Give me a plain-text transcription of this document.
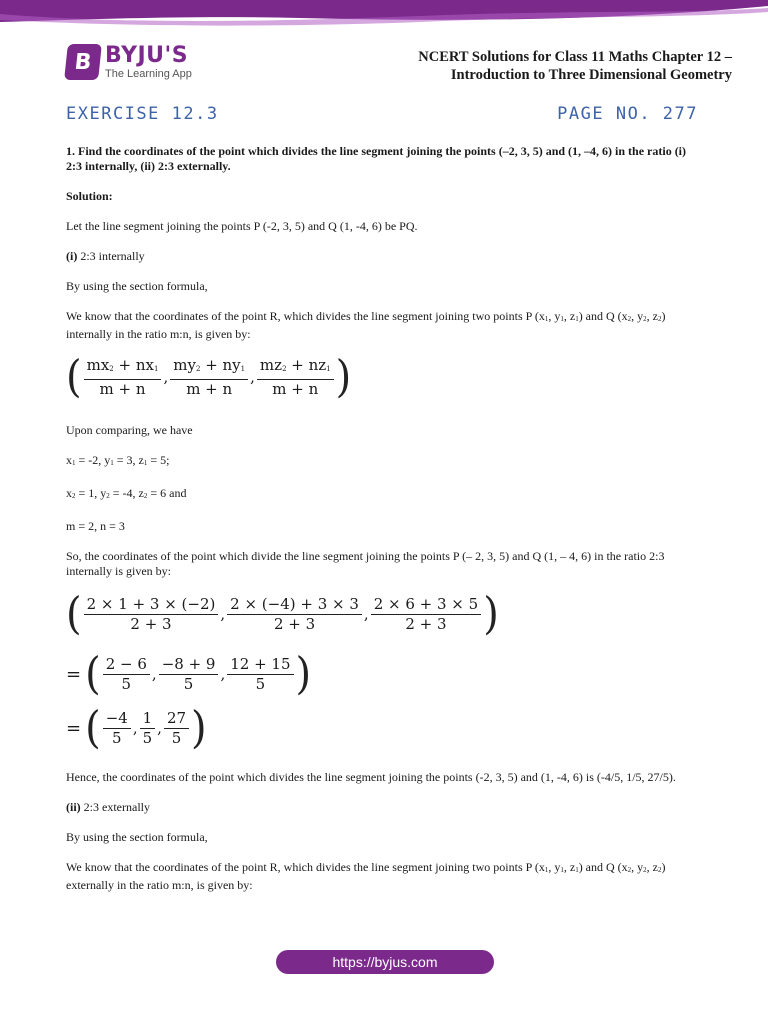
B BYJU'S
The Learning App
NCERT Solutions for Class 11 Maths Chapter 12 –
Introduction to Three Dimensional Geometry
EXERCISE 12.3	PAGE NO. 277

1. Find the coordinates of the point which divides the line segment joining the points (–2, 3, 5) and (1, –4, 6) in the ratio (i) 2:3 internally, (ii) 2:3 externally.

Solution:

Let the line segment joining the points P (-2, 3, 5) and Q (1, -4, 6) be PQ.

(i) 2:3 internally

By using the section formula,

We know that the coordinates of the point R, which divides the line segment joining two points P (x1, y1, z1) and Q (x2, y2, z2) internally in the ratio m:n, is given by:

( $\frac{mx2 + nx1}{m + n}$ , $\frac{my2 + ny1}{m + n}$ , $\frac{mz2 + nz1}{m + n}$ )

Upon comparing, we have

x1 = -2, y1 = 3, z1 = 5;

x2 = 1, y2 = -4, z2 = 6 and

m = 2, n = 3

So, the coordinates of the point which divide the line segment joining the points P (– 2, 3, 5) and Q (1, – 4, 6) in the ratio 2:3 internally is given by:

( $\frac{2 \times 1 + 3 \times (-2)}{2 + 3}$ , $\frac{2 \times (-4) + 3 \times 3}{2 + 3}$ , $\frac{2 \times 6 + 3 \times 5}{2 + 3}$ )
= ( $\frac{2 - 6}{5}$ , $\frac{-8 + 9}{5}$ , $\frac{12 + 15}{5}$ )
= ( $\frac{-4}{5}$ , $\frac{1}{5}$ , $\frac{27}{5}$ )

Hence, the coordinates of the point which divides the line segment joining the points (-2, 3, 5) and (1, -4, 6) is (-4/5, 1/5, 27/5).

(ii) 2:3 externally

By using the section formula,

We know that the coordinates of the point R, which divides the line segment joining two points P (x1, y1, z1) and Q (x2, y2, z2) externally in the ratio m:n, is given by:

https://byjus.com
